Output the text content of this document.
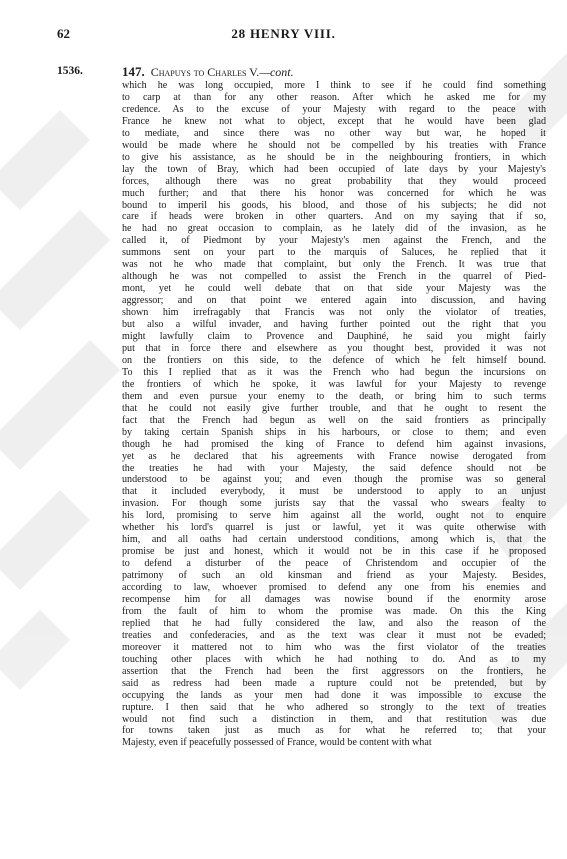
62	28 HENRY VIII.
1536.	147. Chapuys to Charles V.—cont.
which he was long occupied, more I think to see if he could find something
to carp at than for any other reason. After which he asked me for my
credence. As to the excuse of your Majesty with regard to the peace with
France he knew not what to object, except that he would have been glad
to mediate, and since there was no other way but war, he hoped it
would be made where he should not be compelled by his treaties with France
to give his assistance, as he should be in the neighbouring frontiers, in which
lay the town of Bray, which had been occupied of late days by your Majesty's
forces, although there was no great probability that they would proceed
much further; and that there his honor was concerned for which he was
bound to imperil his goods, his blood, and those of his subjects; he did not
care if heads were broken in other quarters. And on my saying that if so,
he had no great occasion to complain, as he lately did of the invasion, as he
called it, of Piedmont by your Majesty's men against the French, and the
summons sent on your part to the marquis of Saluces, he replied that it
was not he who made that complaint, but only the French. It was true that
although he was not compelled to assist the French in the quarrel of Pied-
mont, yet he could well debate that on that side your Majesty was the
aggressor; and on that point we entered again into discussion, and having
shown him irrefragably that Francis was not only the violator of treaties,
but also a wilful invader, and having further pointed out the right that you
might lawfully claim to Provence and Dauphiné, he said you might fairly
put that in force there and elsewhere as you thought best, provided it was not
on the frontiers on this side, to the defence of which he felt himself bound.
To this I replied that as it was the French who had begun the incursions on
the frontiers of which he spoke, it was lawful for your Majesty to revenge
them and even pursue your enemy to the death, or bring him to such terms
that he could not easily give further trouble, and that he ought to resent the
fact that the French had begun as well on the said frontiers as principally
by taking certain Spanish ships in his harbours, or close to them; and even
though he had promised the king of France to defend him against invasions,
yet as he declared that his agreements with France nowise derogated from
the treaties he had with your Majesty, the said defence should not be
understood to be against you; and even though the promise was so general
that it included everybody, it must be understood to apply to an unjust
invasion. For though some jurists say that the vassal who swears fealty to
his lord, promising to serve him against all the world, ought not to enquire
whether his lord's quarrel is just or lawful, yet it was quite otherwise with
him, and all oaths had certain understood conditions, among which is, that the
promise be just and honest, which it would not be in this case if he proposed
to defend a disturber of the peace of Christendom and occupier of the
patrimony of such an old kinsman and friend as your Majesty. Besides,
according to law, whoever promised to defend any one from his enemies and
recompense him for all damages was nowise bound if the enormity arose
from the fault of him to whom the promise was made. On this the King
replied that he had fully considered the law, and also the reason of the
treaties and confederacies, and as the text was clear it must not be evaded;
moreover it mattered not to him who was the first violator of the treaties
touching other places with which he had nothing to do. And as to my
assertion that the French had been the first aggressors on the frontiers, he
said as redress had been made a rupture could not be pretended, but by
occupying the lands as your men had done it was impossible to excuse the
rupture. I then said that he who adhered so strongly to the text of treaties
would not find such a distinction in them, and that restitution was due
for towns taken just as much as for what he referred to; that your
Majesty, even if peacefully possessed of France, would be content with what
